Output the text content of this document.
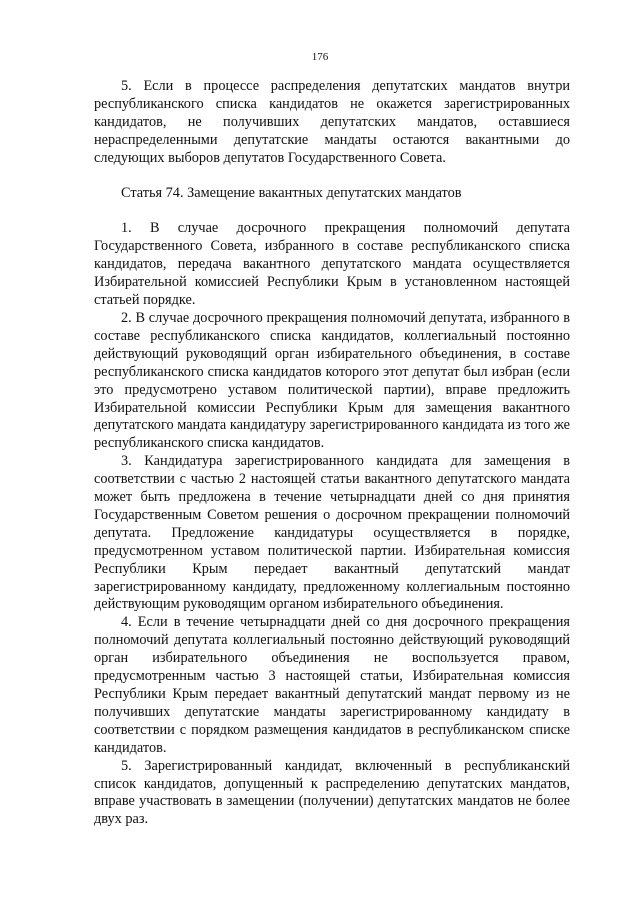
176

5. Если в процессе распределения депутатских мандатов внутри республиканского списка кандидатов не окажется зарегистрированных кандидатов, не получивших депутатских мандатов, оставшиеся нераспределенными депутатские мандаты остаются вакантными до следующих выборов депутатов Государственного Совета.

Статья 74. Замещение вакантных депутатских мандатов

1. В случае досрочного прекращения полномочий депутата Государственного Совета, избранного в составе республиканского списка кандидатов, передача вакантного депутатского мандата осуществляется Избирательной комиссией Республики Крым в установленном настоящей статьей порядке.

2. В случае досрочного прекращения полномочий депутата, избранного в составе республиканского списка кандидатов, коллегиальный постоянно действующий руководящий орган избирательного объединения, в составе республиканского списка кандидатов которого этот депутат был избран (если это предусмотрено уставом политической партии), вправе предложить Избирательной комиссии Республики Крым для замещения вакантного депутатского мандата кандидатуру зарегистрированного кандидата из того же республиканского списка кандидатов.

3. Кандидатура зарегистрированного кандидата для замещения в соответствии с частью 2 настоящей статьи вакантного депутатского мандата может быть предложена в течение четырнадцати дней со дня принятия Государственным Советом решения о досрочном прекращении полномочий депутата. Предложение кандидатуры осуществляется в порядке, предусмотренном уставом политической партии. Избирательная комиссия Республики Крым передает вакантный депутатский мандат зарегистрированному кандидату, предложенному коллегиальным постоянно действующим руководящим органом избирательного объединения.

4. Если в течение четырнадцати дней со дня досрочного прекращения полномочий депутата коллегиальный постоянно действующий руководящий орган избирательного объединения не воспользуется правом, предусмотренным частью 3 настоящей статьи, Избирательная комиссия Республики Крым передает вакантный депутатский мандат первому из не получивших депутатские мандаты зарегистрированному кандидату в соответствии с порядком размещения кандидатов в республиканском списке кандидатов.

5. Зарегистрированный кандидат, включенный в республиканский список кандидатов, допущенный к распределению депутатских мандатов, вправе участвовать в замещении (получении) депутатских мандатов не более двух раз.
